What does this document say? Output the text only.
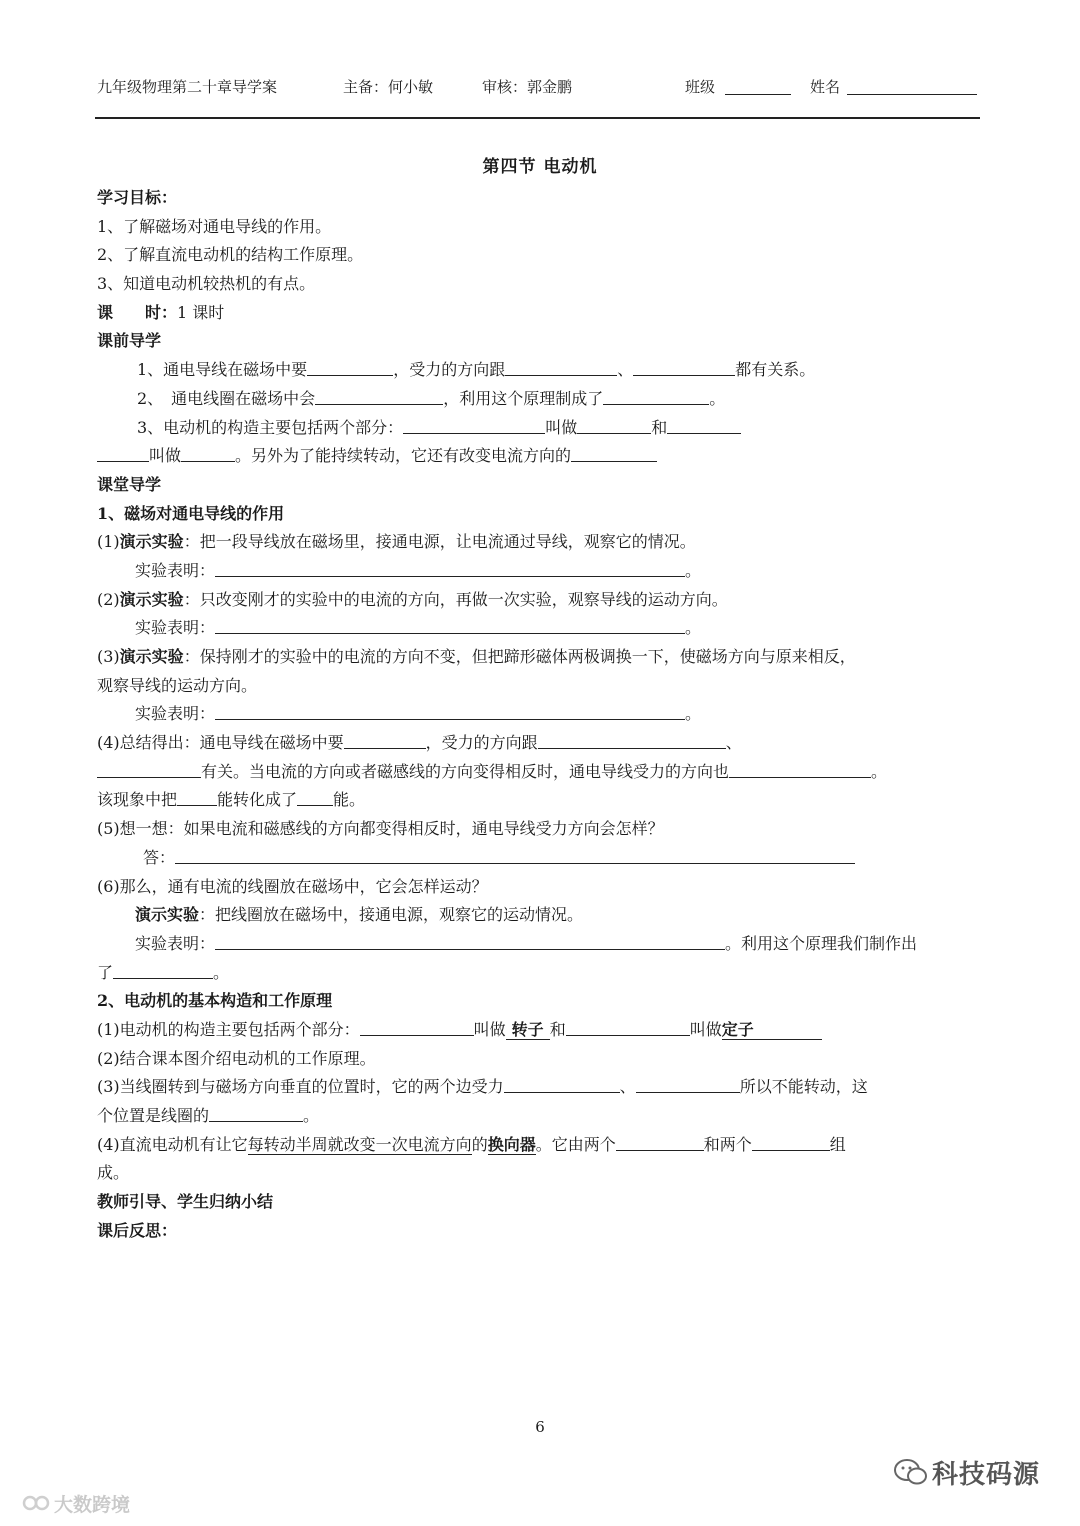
九年级物理第二十章导学案	主备：何小敏	审核：郭金鹏	班级	姓名
第四节 电动机
学习目标：
1、了解磁场对通电导线的作用。
2、了解直流电动机的结构工作原理。
3、知道电动机较热机的有点。
课　　时：1 课时
课前导学
1、通电导线在磁场中要	，受力的方向跟	、	都有关系。
2、　通电线圈在磁场中会	，利用这个原理制成了	。
3、电动机的构造主要包括两个部分：	叫做	和
叫做	。另外为了能持续转动，它还有改变电流方向的
课堂导学
1、磁场对通电导线的作用
(1)演示实验：把一段导线放在磁场里，接通电源，让电流通过导线，观察它的情况。
实验表明：	。
(2)演示实验：只改变刚才的实验中的电流的方向，再做一次实验，观察导线的运动方向。
实验表明：	。
(3)演示实验：保持刚才的实验中的电流的方向不变，但把蹄形磁体两极调换一下，使磁场方向与原来相反，
观察导线的运动方向。
实验表明：	。
(4)总结得出：通电导线在磁场中要	，受力的方向跟	、
有关。当电流的方向或者磁感线的方向变得相反时，通电导线受力的方向也	。
该现象中把	能转化成了 能。
(5)想一想：如果电流和磁感线的方向都变得相反时，通电导线受力方向会怎样？
答：
(6)那么，通有电流的线圈放在磁场中，它会怎样运动？
演示实验：把线圈放在磁场中，接通电源，观察它的运动情况。
实验表明：	。利用这个原理我们制作出
了	。
2、电动机的基本构造和工作原理
(1)电动机的构造主要包括两个部分：	叫做 转子 和	叫做定子
(2)结合课本图介绍电动机的工作原理。
(3)当线圈转到与磁场方向垂直的位置时，它的两个边受力	、	所以不能转动，这
个位置是线圈的	。
(4)直流电动机有让它每转动半周就改变一次电流方向的换向器。它由两个	和两个	组
成。
教师引导、学生归纳小结
课后反思：
6
大数跨境
科技码源
